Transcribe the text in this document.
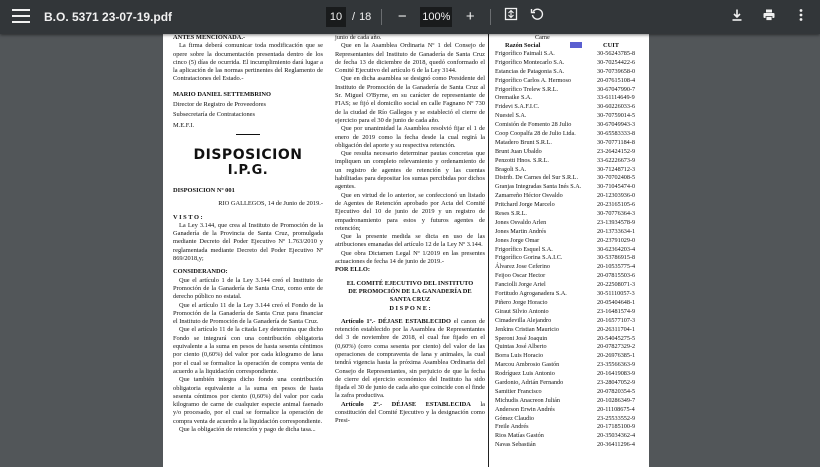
B.O. 5371 23-07-19.pdf	10 / 18	−	100%	+

ANTES MENCIONADA.-

La firma deberá comunicar toda modificación que se opere sobre la documentación presentada dentro de los cinco (5) días de ocurrida. El incumplimiento dará lugar a la aplicación de las normas pertinentes del Reglamento de Contrataciones del Estado.-

MARIO DANIEL SETTEMBRINO

Director de Registro de Proveedores

Subsecretaría de Contrataciones

M.E.F.I.

DISPOSICION
I.P.G.

DISPOSICION Nº 001

RIO GALLEGOS, 14 de Junio de 2019.-

V I S T O :

La Ley 3.144, que crea al Instituto de Promoción de la Ganadería de la Provincia de Santa Cruz, promulgada mediante Decreto del Poder Ejecutivo Nº 1.763/2010 y reglamentada mediante Decreto del Poder Ejecutivo Nº 869/2018,y;

CONSIDERANDO:

Que el artículo 1 de la Ley 3.144 creó el Instituto de Promoción de la Ganadería de Santa Cruz, como ente de derecho público no estatal.

Que el artículo 11 de la Ley 3.144 creó el Fondo de la Promoción de la Ganadería de Santa Cruz para financiar el Instituto de Promoción de la Ganadería de Santa Cruz.

Que el artículo 11 de la citada Ley determina que dicho Fondo se integrará con una contribución obligatoria equivalente a la suma en pesos de hasta sesenta céntimos por ciento (0,60%) del valor por cada kilogramo de lana por el cual se formalice la operación de compra venta de acuerdo a la liquidación correspondiente.

Que también integra dicho fondo una contribución obligatoria equivalente a la suma en pesos de hasta sesenta céntimos por ciento (0,60%) del valor por cada kilogramo de carne de cualquier especie animal faenado y/o procesado, por el cual se formalice la operación de compra venta de acuerdo a la liquidación correspondiente.

Que la obligación de retención y pago de dicha tasa...

junio de cada año.

Que en la Asamblea Ordinaria Nº 1 del Consejo de Representantes del Instituto de Ganadería de Santa Cruz de fecha 13 de diciembre de 2018, quedó conformado el Comité Ejecutivo del artículo 6 de la Ley 3144.

Que en dicha asamblea se designó como Presidente del Instituto de Promoción de la Ganadería de Santa Cruz al Sr. Miguel O'Byrne, en su carácter de representante de FIAS; se fijó el domicilio social en calle Fagnano Nº 730 de la ciudad de Río Gallegos y se estableció el cierre de ejercicio para el 30 de junio de cada año.

Que por unanimidad la Asamblea resolvió fijar el 1 de enero de 2019 como la fecha desde la cual regirá la obligación del aporte y su respectiva retención.

Que resulta necesario determinar pautas concretas que impliquen un completo relevamiento y ordenamiento de un registro de agentes de retención y las cuentas habilitadas para depositar los sumas percibidas por dichos agentes.

Que en virtud de lo anterior, se confeccionó un listado de Agentes de Retención aprobado por Acta del Comité Ejecutivo del 10 de junio de 2019 y un registro de empadronamiento para estos y futuros agentes de retención;

Que la presente medida se dicta en uso de las atribuciones emanadas del artículo 12 de la Ley Nº 3.144.

Que obra Dictamen Legal Nº 1/2019 en las presentes actuaciones de fecha 14 de junio de 2019.-

POR ELLO:

EL COMITÉ EJECUTIVO DEL INSTITUTO

DE PROMOCIÓN DE LA GANADERÍA DE

SANTA CRUZ

D I S P O N E :

Artículo 1º.- DÉJASE ESTABLECIDO el canon de retención establecido por la Asamblea de Representantes del 3 de noviembre de 2018, el cual fue fijado en el (0,60%) (cero coma sesenta por ciento) del valor de las operaciones de compraventa de lana y animales, la cual tendrá vigencia hasta la próxima Asamblea Ordinaria del Consejo de Representantes, sin perjuicio de que la fecha de cierre del ejercicio económico del Instituto ha sido fijada el 30 de junio de cada año que coincide con el finde la zafra productiva.

Artículo 2º.- DÉJASE ESTABLECIDA la constitución del Comité Ejecutivo y la designación como Presi-

Carne
Razón Social	CUIT
Frigorífico Faimali S.A.	30-56243785-8
Frigorífico Montecarlo S.A.	30-70254422-6
Estancias de Patagonia S.A.	30-70739658-0
Frigorífico Carlos A. Hermoso	20-07615108-4
Frigorífico Trelew S.R.L.	30-67047990-7
Oremaike S.A.	33-61114649-9
Fridevi S.A.F.I.C.	30-60226033-6
Nuestel S.A.	30-70759014-5
Comisión de Fomento 28 Julio	30-67049943-3
Coop Coopalfa 28 de Julio Ltda.	30-65583333-8
Matadero Brunt S.R.L.	30-70771184-8
Brunt Juan Ubaldo	23-26424152-9
Penzotti Hnos. S.R.L.	33-62226673-9
Bragoli S.A.	30-71248712-3
Distrib. De Carnes del Sur S.R.L.	30-70702408-5
Granjas Integradas Santa Inés S.A.	30-71045474-0
Zamarreño Héctor Osvaldo	20-12303936-0
Pritchard Jorge Marcelo	20-23165105-6
Reses S.R.L.	30-70776364-3
Jones Osvaldo Arlen	23-13934578-9
Jones Martin Andrés	20-13733634-1
Jones Jorge Omar	20-23791029-0
Frigorífico Esquel S.A.	30-62364203-4
Frigorífico Gorina S.A.I.C.	30-53786915-8
Álvarez Jose Ceferino	20-10535775-4
Feijoo Oscar Hector	20-07815503-6
Fanciolli Jorge Ariel	20-22508071-3
Fortitudo Agroganadera S.A.	30-51110057-3
Piñero Jorge Horacio	20-05404648-1
Giraut Silvio Antonio	23-16481574-9
Cimadevilla Alejandro	20-16577107-3
Jenkins Cristian Mauricio	20-26311704-1
Speroni José Joaquin	20-54045275-5
Quintas José Alberto	20-07827329-2
Borra Luis Horacio	20-26976385-1
Marcou Ambrosio Gastón	23-35566363-9
Rodríguez Luis Antonio	20-16419083-9
Gardonio, Adrián Fernando	23-28047052-9
Samitier Francisco	20-07820354-5
Michudis Anacreon Julián	20-10286349-7
Anderson Erwin Andrés	20-11108675-4
Gómez Claudio	23-25533552-9
Freile Andrés	20-17185100-9
Rios Matías Gastón	20-35034362-4
Navas Sebastián	20-36411296-4
